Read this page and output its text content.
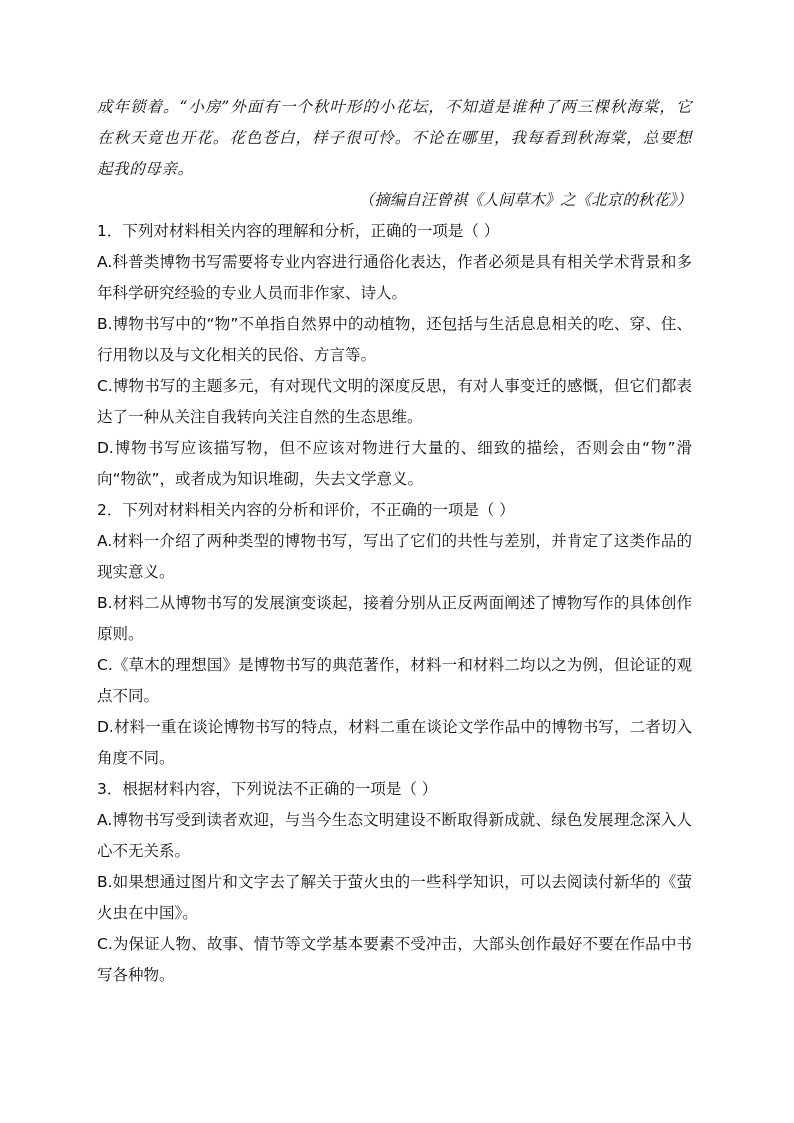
成年锁着。“小房”外面有一个秋叶形的小花坛，不知道是谁种了两三棵秋海棠，它在秋天竟也开花。花色苍白，样子很可怜。不论在哪里，我每看到秋海棠，总要想起我的母亲。

（摘编自汪曾祺《人间草木》之《北京的秋花》）

1．下列对材料相关内容的理解和分析，正确的一项是（ ）

A.科普类博物书写需要将专业内容进行通俗化表达，作者必须是具有相关学术背景和多年科学研究经验的专业人员而非作家、诗人。

B.博物书写中的“物”不单指自然界中的动植物，还包括与生活息息相关的吃、穿、住、行用物以及与文化相关的民俗、方言等。

C.博物书写的主题多元，有对现代文明的深度反思，有对人事变迁的感慨，但它们都表达了一种从关注自我转向关注自然的生态思维。

D.博物书写应该描写物，但不应该对物进行大量的、细致的描绘，否则会由“物”滑向“物欲”，或者成为知识堆砌，失去文学意义。

2．下列对材料相关内容的分析和评价，不正确的一项是（ ）

A.材料一介绍了两种类型的博物书写，写出了它们的共性与差别，并肯定了这类作品的现实意义。

B.材料二从博物书写的发展演变谈起，接着分别从正反两面阐述了博物写作的具体创作原则。

C.《草木的理想国》是博物书写的典范著作，材料一和材料二均以之为例，但论证的观点不同。

D.材料一重在谈论博物书写的特点，材料二重在谈论文学作品中的博物书写，二者切入角度不同。

3．根据材料内容，下列说法不正确的一项是（ ）

A.博物书写受到读者欢迎，与当今生态文明建设不断取得新成就、绿色发展理念深入人心不无关系。

B.如果想通过图片和文字去了解关于萤火虫的一些科学知识，可以去阅读付新华的《萤火虫在中国》。

C.为保证人物、故事、情节等文学基本要素不受冲击，大部头创作最好不要在作品中书写各种物。
